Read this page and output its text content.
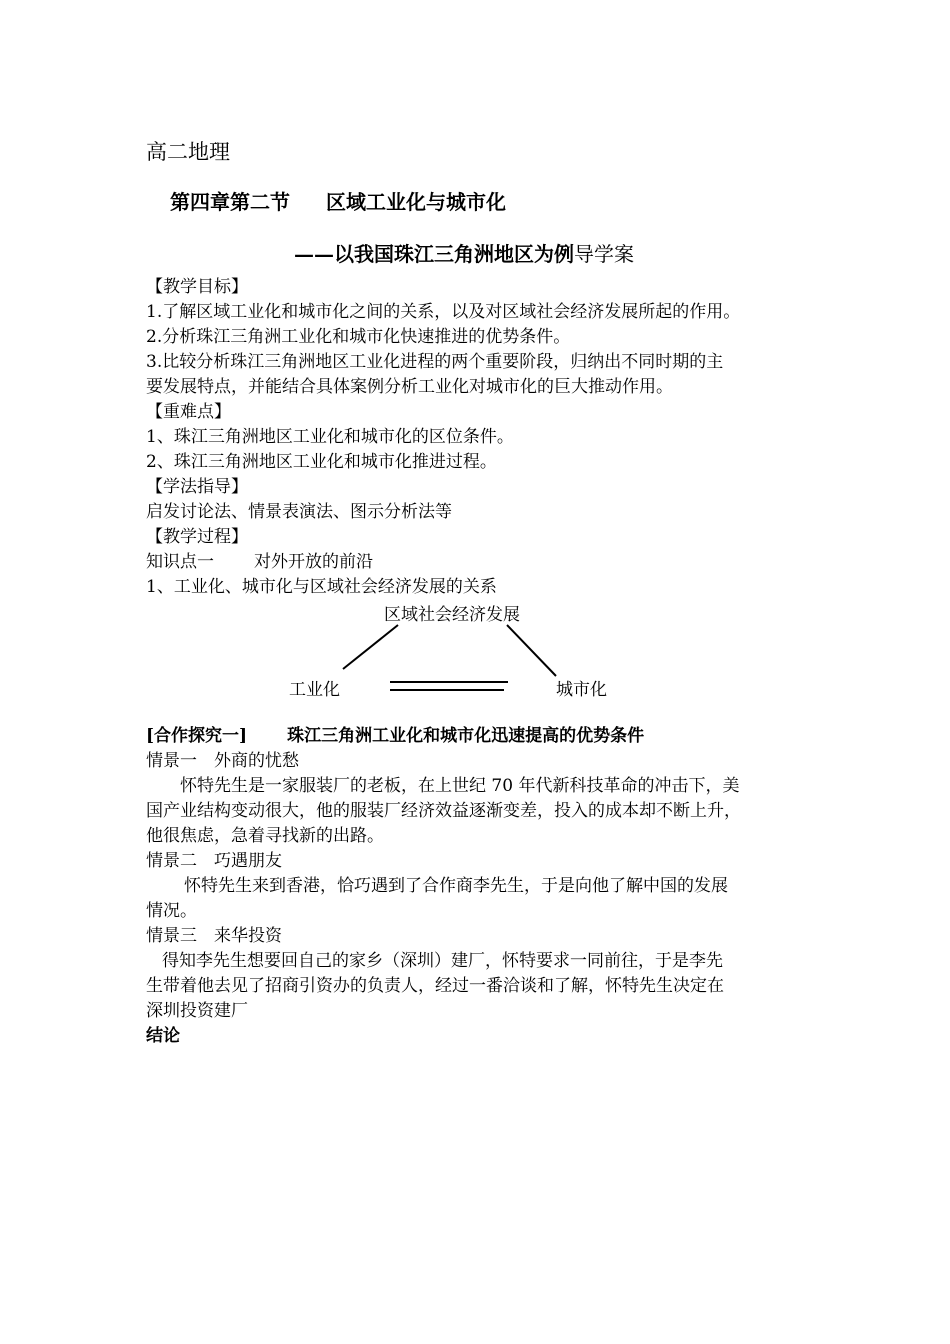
高二地理
第四章第二节 区域工业化与城市化
——以我国珠江三角洲地区为例导学案
【教学目标】
1.了解区域工业化和城市化之间的关系，以及对区域社会经济发展所起的作用。
2.分析珠江三角洲工业化和城市化快速推进的优势条件。
3.比较分析珠江三角洲地区工业化进程的两个重要阶段，归纳出不同时期的主
要发展特点，并能结合具体案例分析工业化对城市化的巨大推动作用。
【重难点】
1、珠江三角洲地区工业化和城市化的区位条件。
2、珠江三角洲地区工业化和城市化推进过程。
【学法指导】
启发讨论法、情景表演法、图示分析法等
【教学过程】
知识点一 对外开放的前沿
1、工业化、城市化与区域社会经济发展的关系
区域社会经济发展
工业化	城市化
[合作探究一] 珠江三角洲工业化和城市化迅速提高的优势条件
情景一　外商的忧愁
怀特先生是一家服装厂的老板，在上世纪 70 年代新科技革命的冲击下，美
国产业结构变动很大，他的服装厂经济效益逐渐变差，投入的成本却不断上升，
他很焦虑，急着寻找新的出路。
情景二　巧遇朋友
怀特先生来到香港，恰巧遇到了合作商李先生，于是向他了解中国的发展
情况。
情景三　来华投资
得知李先生想要回自己的家乡（深圳）建厂，怀特要求一同前往，于是李先
生带着他去见了招商引资办的负责人，经过一番洽谈和了解，怀特先生决定在
深圳投资建厂
结论
